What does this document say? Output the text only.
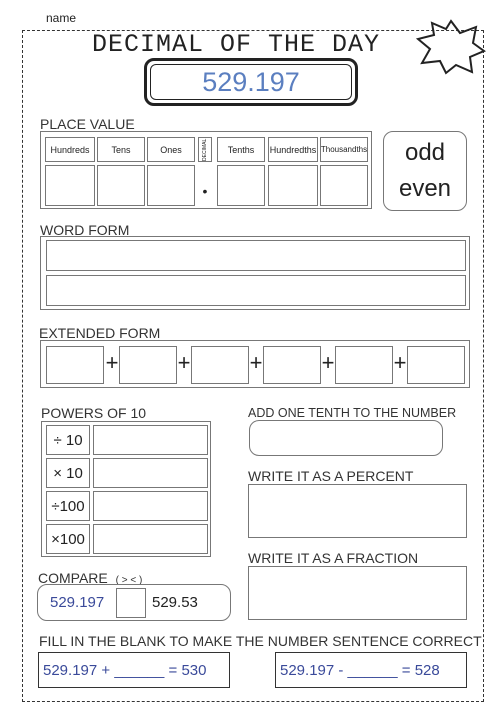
name
DECIMAL OF THE DAY
529.197
PLACE VALUE
Hundreds	Tens	Ones	DECIMAL	Tenths	Hundredths Thousandths
•
odd
even
WORD FORM
EXTENDED FORM
+	+	+	+	+
POWERS OF 10
÷ 10
× 10
÷100
×100
ADD ONE TENTH TO THE NUMBER
WRITE IT AS A PERCENT
WRITE IT AS A FRACTION
COMPARE ( > < )
529.197	529.53
FILL IN THE BLANK TO MAKE THE NUMBER SENTENCE CORRECT
529.197 + ______ = 530	529.197 - ______ = 528
